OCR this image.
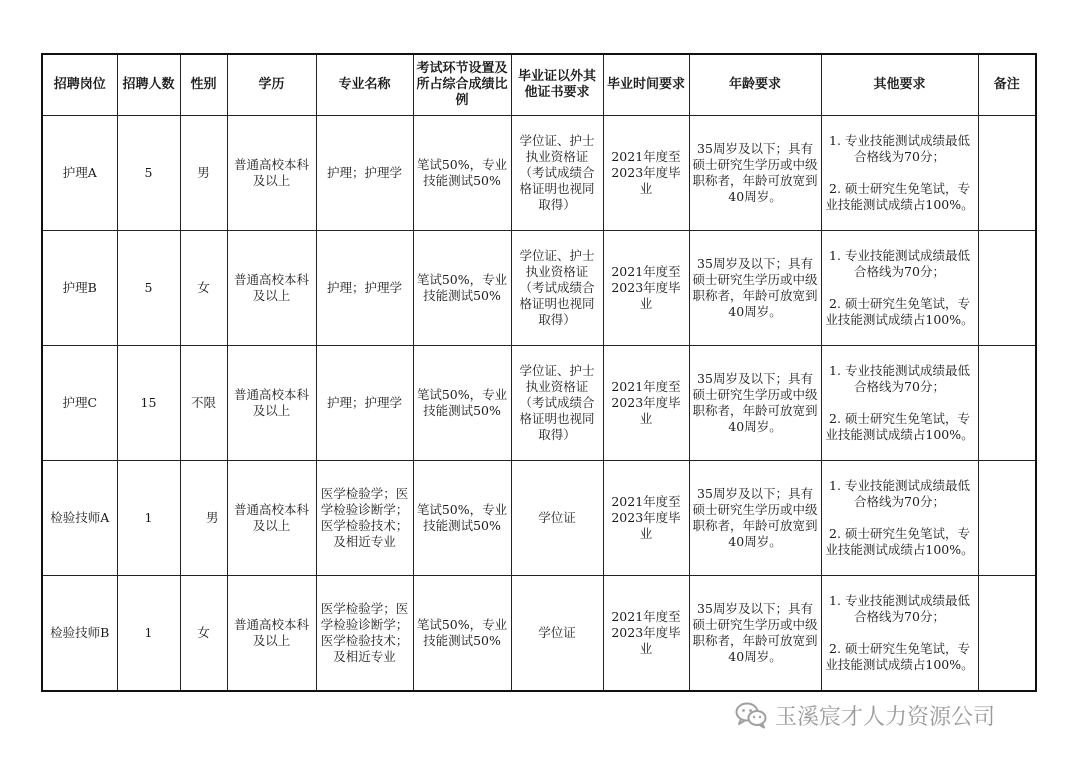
招聘岗位	招聘人数	性别	学历	专业名称	考试环节设置及所占综合成绩比例	毕业证以外其他证书要求	毕业时间要求	年龄要求	其他要求	备注
护理A	5	男	普通高校本科及以上	护理；护理学	笔试50%，专业技能测试50%	学位证、护士执业资格证（考试成绩合格证明也视同取得）	2021年度至2023年度毕业	35周岁及以下；具有硕士研究生学历或中级职称者，年龄可放宽到40周岁。	1. 专业技能测试成绩最低合格线为70分；
2. 硕士研究生免笔试，专业技能测试成绩占100%。	

护理B	5	女	普通高校本科及以上	护理；护理学	笔试50%，专业技能测试50%	学位证、护士执业资格证（考试成绩合格证明也视同取得）	2021年度至2023年度毕业	35周岁及以下；具有硕士研究生学历或中级职称者，年龄可放宽到40周岁。	1. 专业技能测试成绩最低合格线为70分；
2. 硕士研究生免笔试，专业技能测试成绩占100%。	

护理C	15	不限	普通高校本科及以上	护理；护理学	笔试50%，专业技能测试50%	学位证、护士执业资格证（考试成绩合格证明也视同取得）	2021年度至2023年度毕业	35周岁及以下；具有硕士研究生学历或中级职称者，年龄可放宽到40周岁。	1. 专业技能测试成绩最低合格线为70分；
2. 硕士研究生免笔试，专业技能测试成绩占100%。	

检验技师A	1	男	普通高校本科及以上	医学检验学；医学检验诊断学；医学检验技术；及相近专业	笔试50%，专业技能测试50%	学位证	2021年度至2023年度毕业	35周岁及以下；具有硕士研究生学历或中级职称者，年龄可放宽到40周岁。	1. 专业技能测试成绩最低合格线为70分；
2. 硕士研究生免笔试，专业技能测试成绩占100%。	

检验技师B	1	女	普通高校本科及以上	医学检验学；医学检验诊断学；医学检验技术；及相近专业	笔试50%，专业技能测试50%	学位证	2021年度至2023年度毕业	35周岁及以下；具有硕士研究生学历或中级职称者，年龄可放宽到40周岁。	1. 专业技能测试成绩最低合格线为70分；
2. 硕士研究生免笔试，专业技能测试成绩占100%。	

玉溪宸才人力资源公司
